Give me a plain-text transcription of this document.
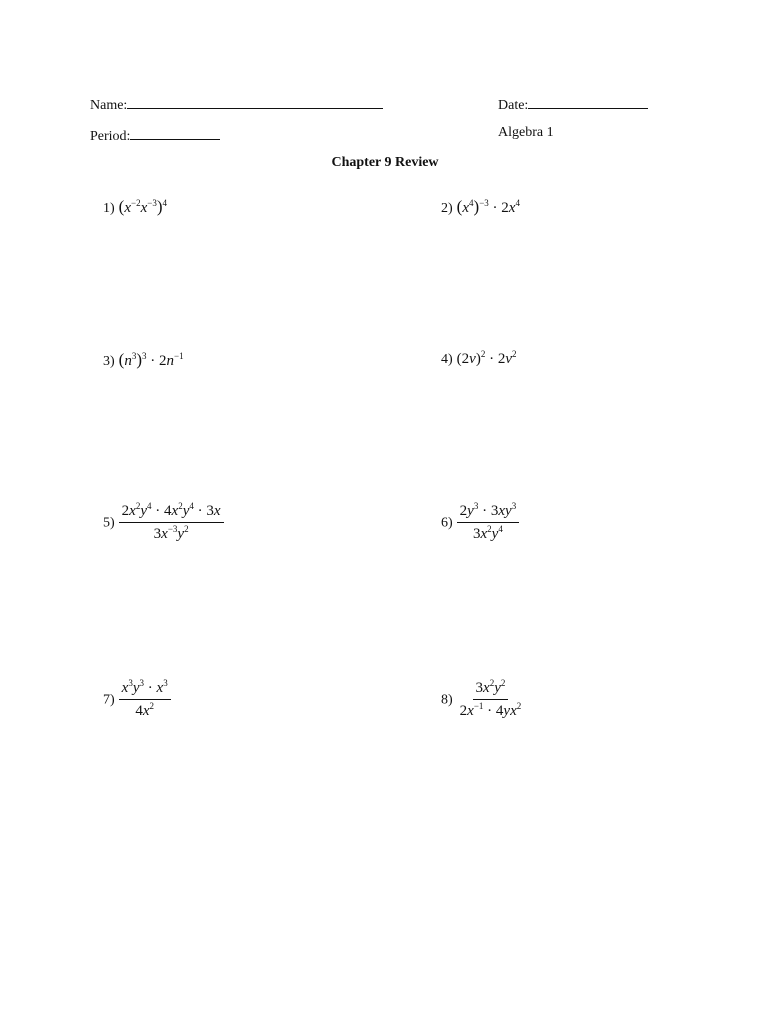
Name:	Date:
Period:	Algebra 1
Chapter 9 Review
1) $(x^{-2}x^{-3})^4$	2) $(x^4)^{-3} \cdot 2x^4$
3) $(n^3)^3 \cdot 2n^{-1}$	4) $(2v)^2 \cdot 2v^2$
$5) \frac{2x^2y^4 \cdot 4x^2y^4 \cdot 3x}{3x^{-3}y^2}$	$6) \frac{2y^3 \cdot 3xy^3}{3x^2y^4}$
$7) \frac{x^3y^3 \cdot x^3}{4x^2}$	$8) \frac{3x^2y^2}{2x^{-1} \cdot 4yx^2}$
